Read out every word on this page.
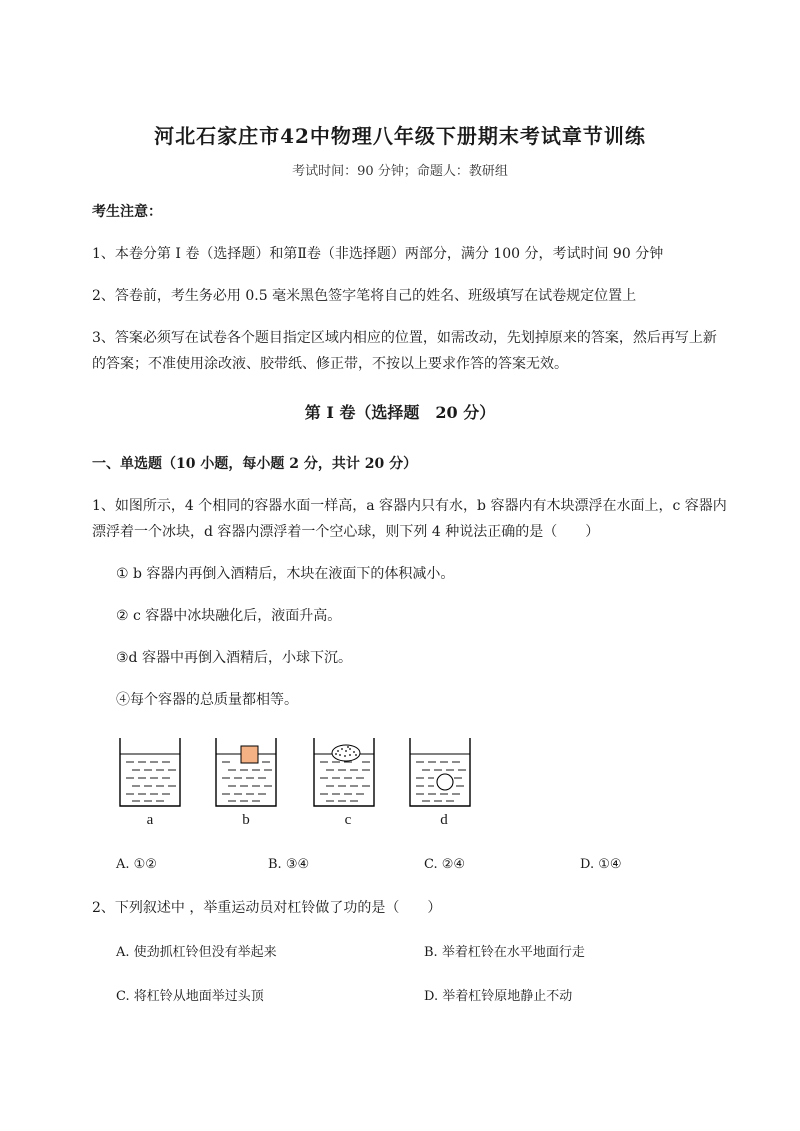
河北石家庄市42中物理八年级下册期末考试章节训练
考试时间：90 分钟；命题人：教研组
考生注意：
1、本卷分第 I 卷（选择题）和第Ⅱ卷（非选择题）两部分，满分 100 分，考试时间 90 分钟
2、答卷前，考生务必用 0.5 毫米黑色签字笔将自己的姓名、班级填写在试卷规定位置上
3、答案必须写在试卷各个题目指定区域内相应的位置，如需改动，先划掉原来的答案，然后再写上新
的答案；不准使用涂改液、胶带纸、修正带，不按以上要求作答的答案无效。
第 I 卷（选择题　20 分）
一、单选题（10 小题，每小题 2 分，共计 20 分）
1、如图所示，4 个相同的容器水面一样高，a 容器内只有水，b 容器内有木块漂浮在水面上，c 容器内
漂浮着一个冰块，d 容器内漂浮着一个空心球，则下列 4 种说法正确的是（　　）
① b 容器内再倒入酒精后，木块在液面下的体积减小。
② c 容器中冰块融化后，液面升高。
③d 容器中再倒入酒精后，小球下沉。
④每个容器的总质量都相等。
a	b	c	d
A. ①②	B. ③④	C. ②④	D. ①④
2、下列叙述中 ，举重运动员对杠铃做了功的是（　　）
A. 使劲抓杠铃但没有举起来	B. 举着杠铃在水平地面行走
C. 将杠铃从地面举过头顶	D. 举着杠铃原地静止不动
